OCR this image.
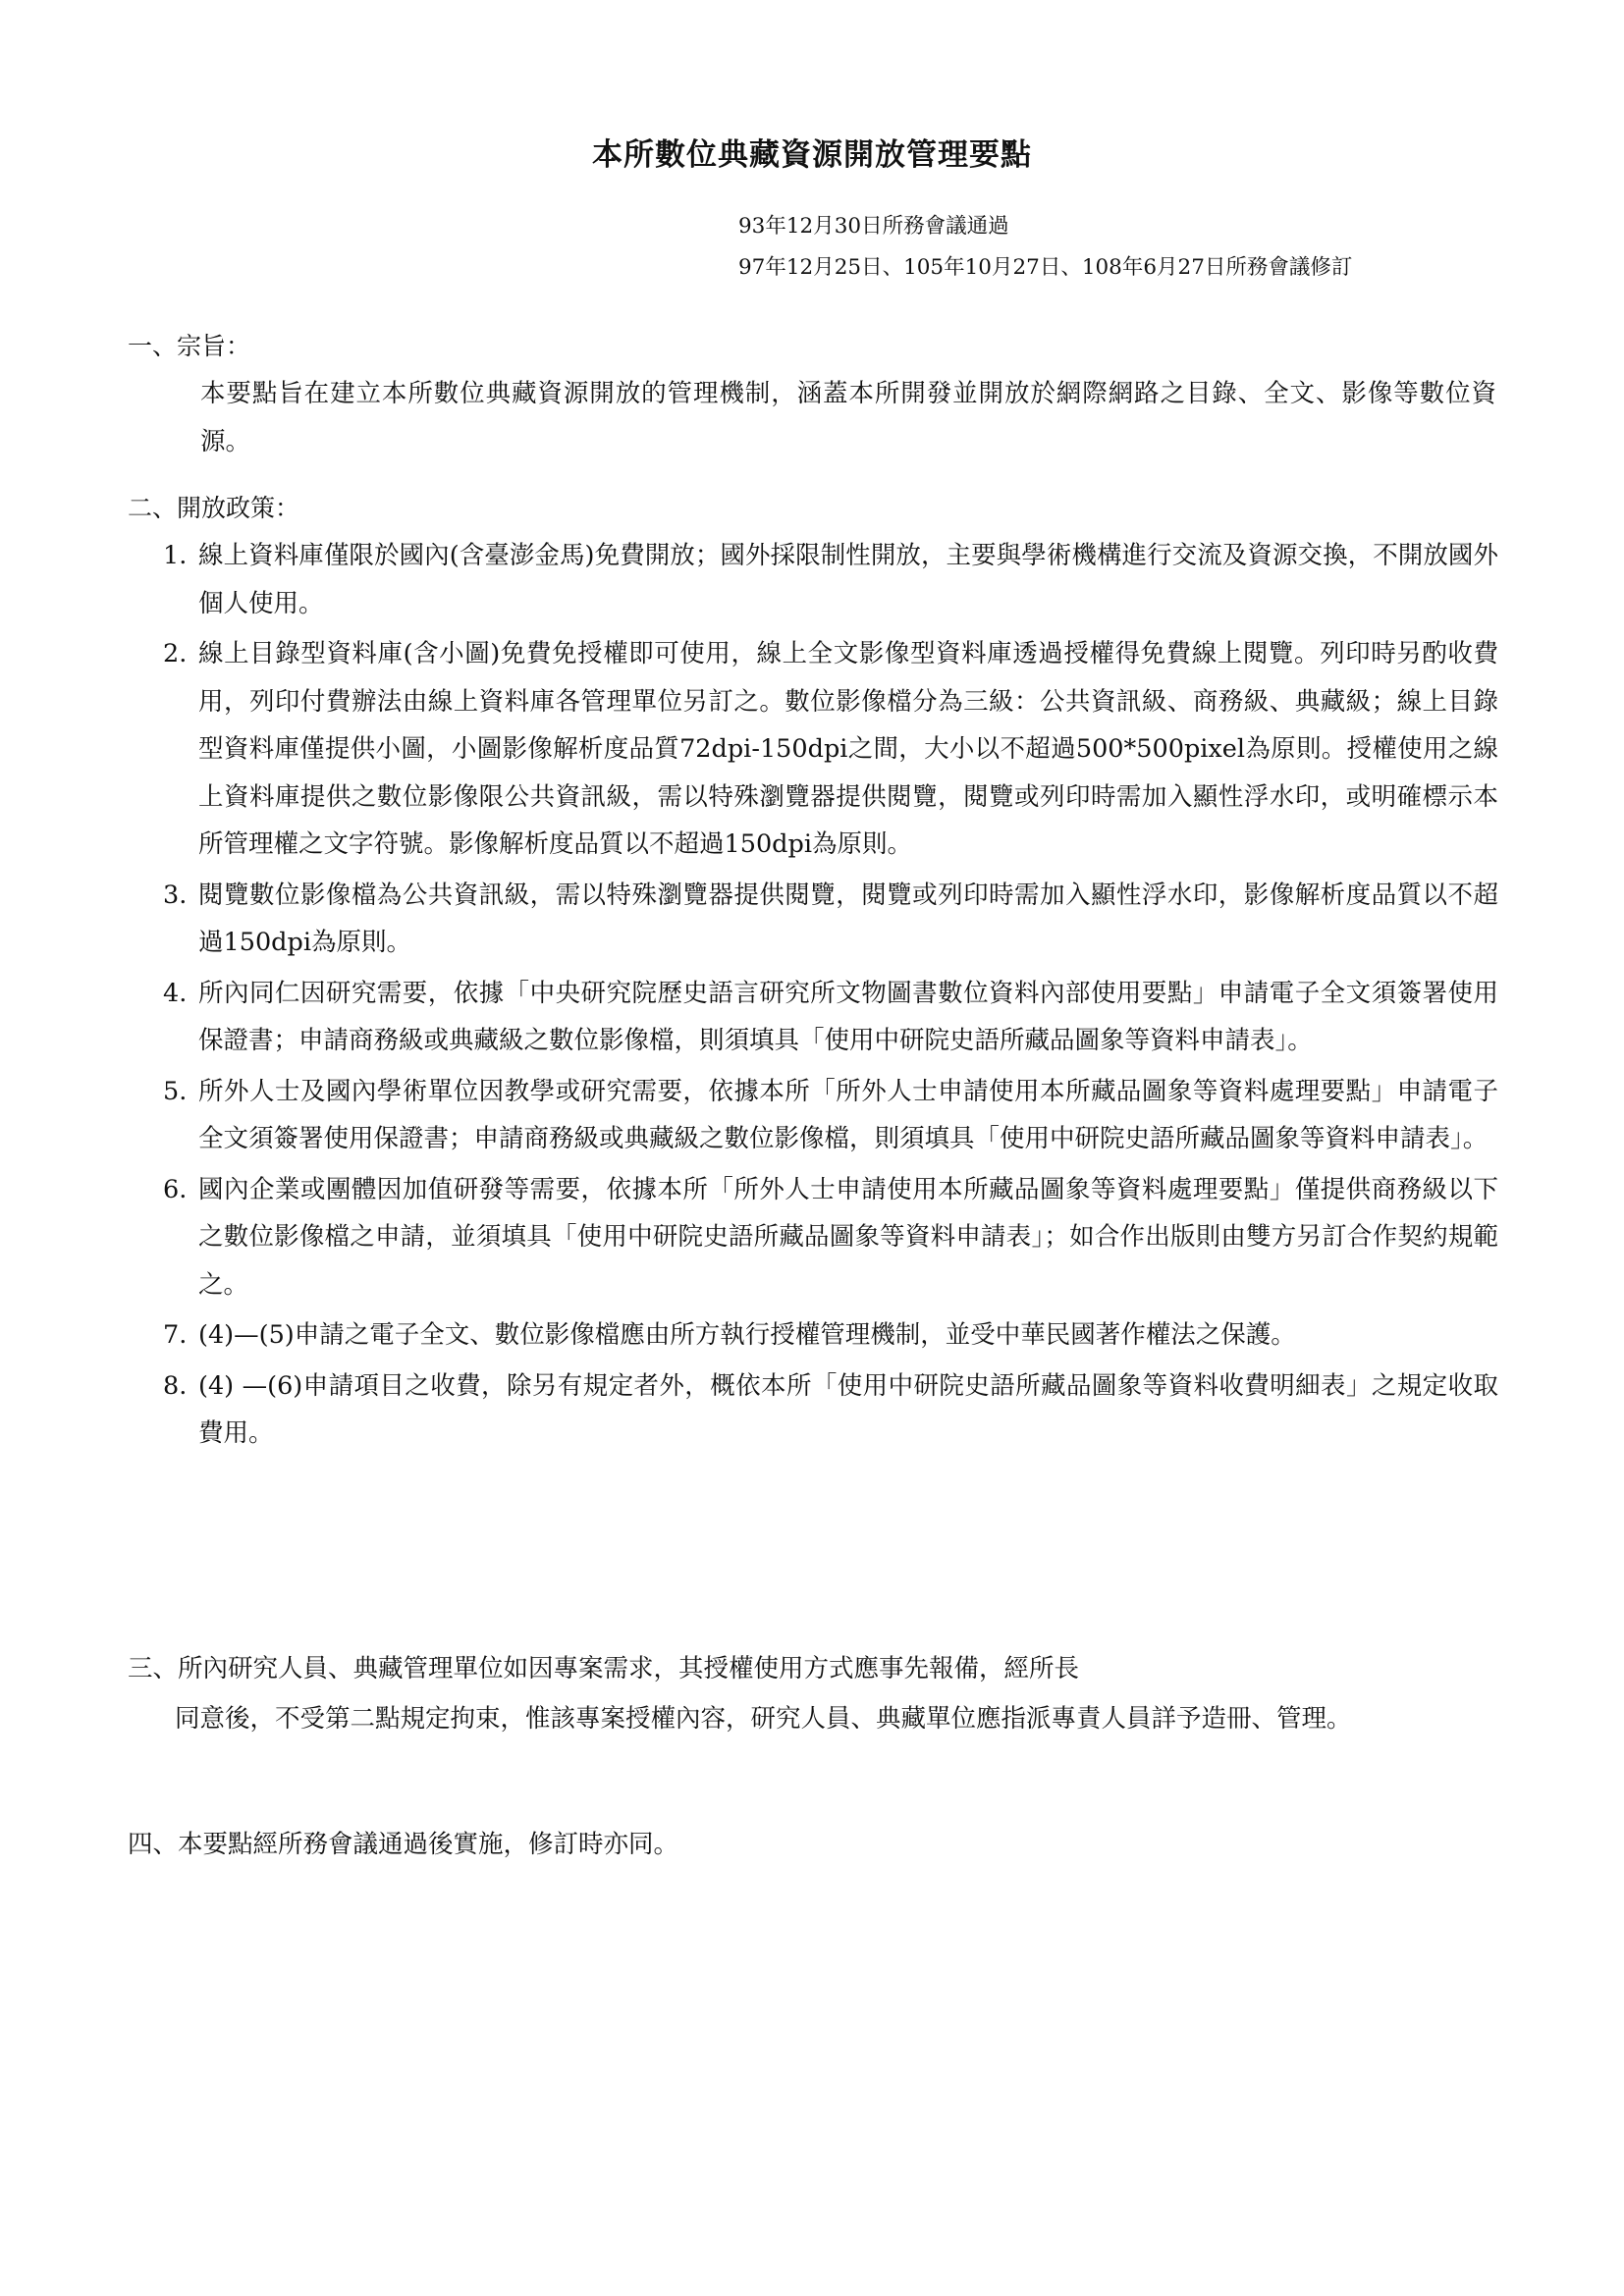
本所數位典藏資源開放管理要點
93年12月30日所務會議通過
97年12月25日、105年10月27日、108年6月27日所務會議修訂
一、宗旨：
本要點旨在建立本所數位典藏資源開放的管理機制，涵蓋本所開發並開放於網際網路之目錄、全文、影像等數位資源。
二、開放政策：
1. 線上資料庫僅限於國內(含臺澎金馬)免費開放；國外採限制性開放，主要與學術機構進行交流及資源交換，不開放國外個人使用。
2. 線上目錄型資料庫(含小圖)免費免授權即可使用，線上全文影像型資料庫透過授權得免費線上閱覽。列印時另酌收費用，列印付費辦法由線上資料庫各管理單位另訂之。數位影像檔分為三級：公共資訊級、商務級、典藏級；線上目錄型資料庫僅提供小圖，小圖影像解析度品質72dpi-150dpi之間，大小以不超過500*500pixel為原則。授權使用之線上資料庫提供之數位影像限公共資訊級，需以特殊瀏覽器提供閱覽，閱覽或列印時需加入顯性浮水印，或明確標示本所管理權之文字符號。影像解析度品質以不超過150dpi為原則。
3. 閱覽數位影像檔為公共資訊級，需以特殊瀏覽器提供閱覽，閱覽或列印時需加入顯性浮水印，影像解析度品質以不超過150dpi為原則。
4. 所內同仁因研究需要，依據「中央研究院歷史語言研究所文物圖書數位資料內部使用要點」申請電子全文須簽署使用保證書；申請商務級或典藏級之數位影像檔，則須填具「使用中研院史語所藏品圖象等資料申請表」。
5. 所外人士及國內學術單位因教學或研究需要，依據本所「所外人士申請使用本所藏品圖象等資料處理要點」申請電子全文須簽署使用保證書；申請商務級或典藏級之數位影像檔，則須填具「使用中研院史語所藏品圖象等資料申請表」。
6. 國內企業或團體因加值研發等需要，依據本所「所外人士申請使用本所藏品圖象等資料處理要點」僅提供商務級以下之數位影像檔之申請，並須填具「使用中研院史語所藏品圖象等資料申請表」；如合作出版則由雙方另訂合作契約規範之。
7. (4)—(5)申請之電子全文、數位影像檔應由所方執行授權管理機制，並受中華民國著作權法之保護。
8. (4) —(6)申請項目之收費，除另有規定者外，概依本所「使用中研院史語所藏品圖象等資料收費明細表」之規定收取費用。
三、所內研究人員、典藏管理單位如因專案需求，其授權使用方式應事先報備，經所長
同意後，不受第二點規定拘束，惟該專案授權內容，研究人員、典藏單位應指派專責人員詳予造冊、管理。
四、本要點經所務會議通過後實施，修訂時亦同。
